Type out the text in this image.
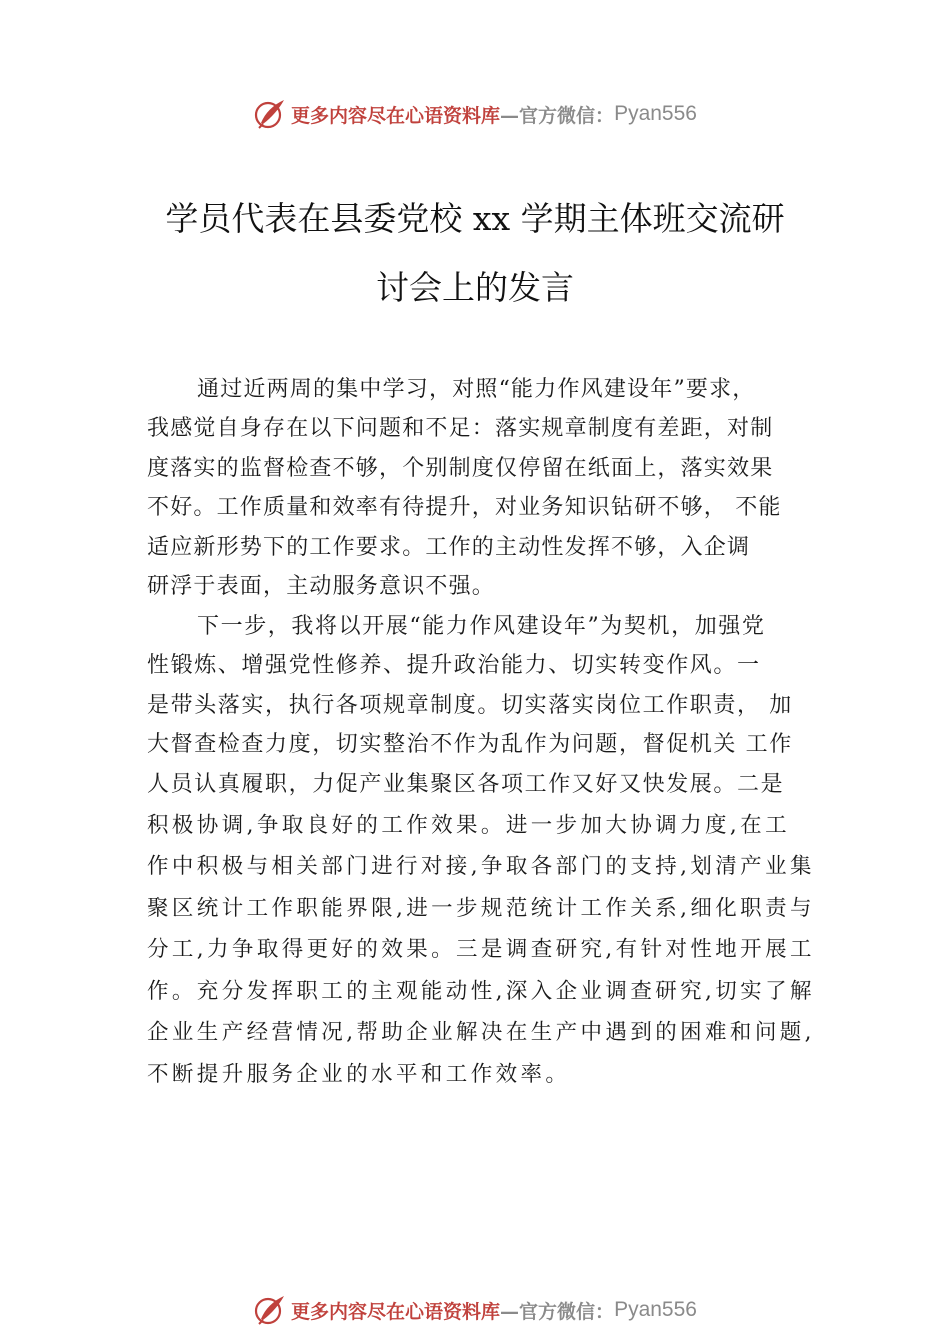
更多内容尽在心语资料库 —官方微信： Pyan556
学员代表在县委党校 xx 学期主体班交流研
讨会上的发言
通过近两周的集中学习，对照“能力作风建设年”要求，
我感觉自身存在以下问题和不足：落实规章制度有差距，对制
度落实的监督检查不够，个别制度仅停留在纸面上，落实效果
不好。工作质量和效率有待提升，对业务知识钻研不够， 不能
适应新形势下的工作要求。工作的主动性发挥不够，入企调
研浮于表面，主动服务意识不强。
下一步，我将以开展“能力作风建设年”为契机，加强党
性锻炼、增强党性修养、提升政治能力、切实转变作风。一
是带头落实，执行各项规章制度。切实落实岗位工作职责， 加
大督查检查力度，切实整治不作为乱作为问题，督促机关 工作
人员认真履职，力促产业集聚区各项工作又好又快发展。二是
积极协调,争取良好的工作效果。进一步加大协调力度,在工
作中积极与相关部门进行对接,争取各部门的支持,划清产业集
聚区统计工作职能界限,进一步规范统计工作关系,细化职责与
分工,力争取得更好的效果。三是调查研究,有针对性地开展工
作。充分发挥职工的主观能动性,深入企业调查研究,切实了解
企业生产经营情况,帮助企业解决在生产中遇到的困难和问题,
不断提升服务企业的水平和工作效率。
更多内容尽在心语资料库 —官方微信： Pyan556
